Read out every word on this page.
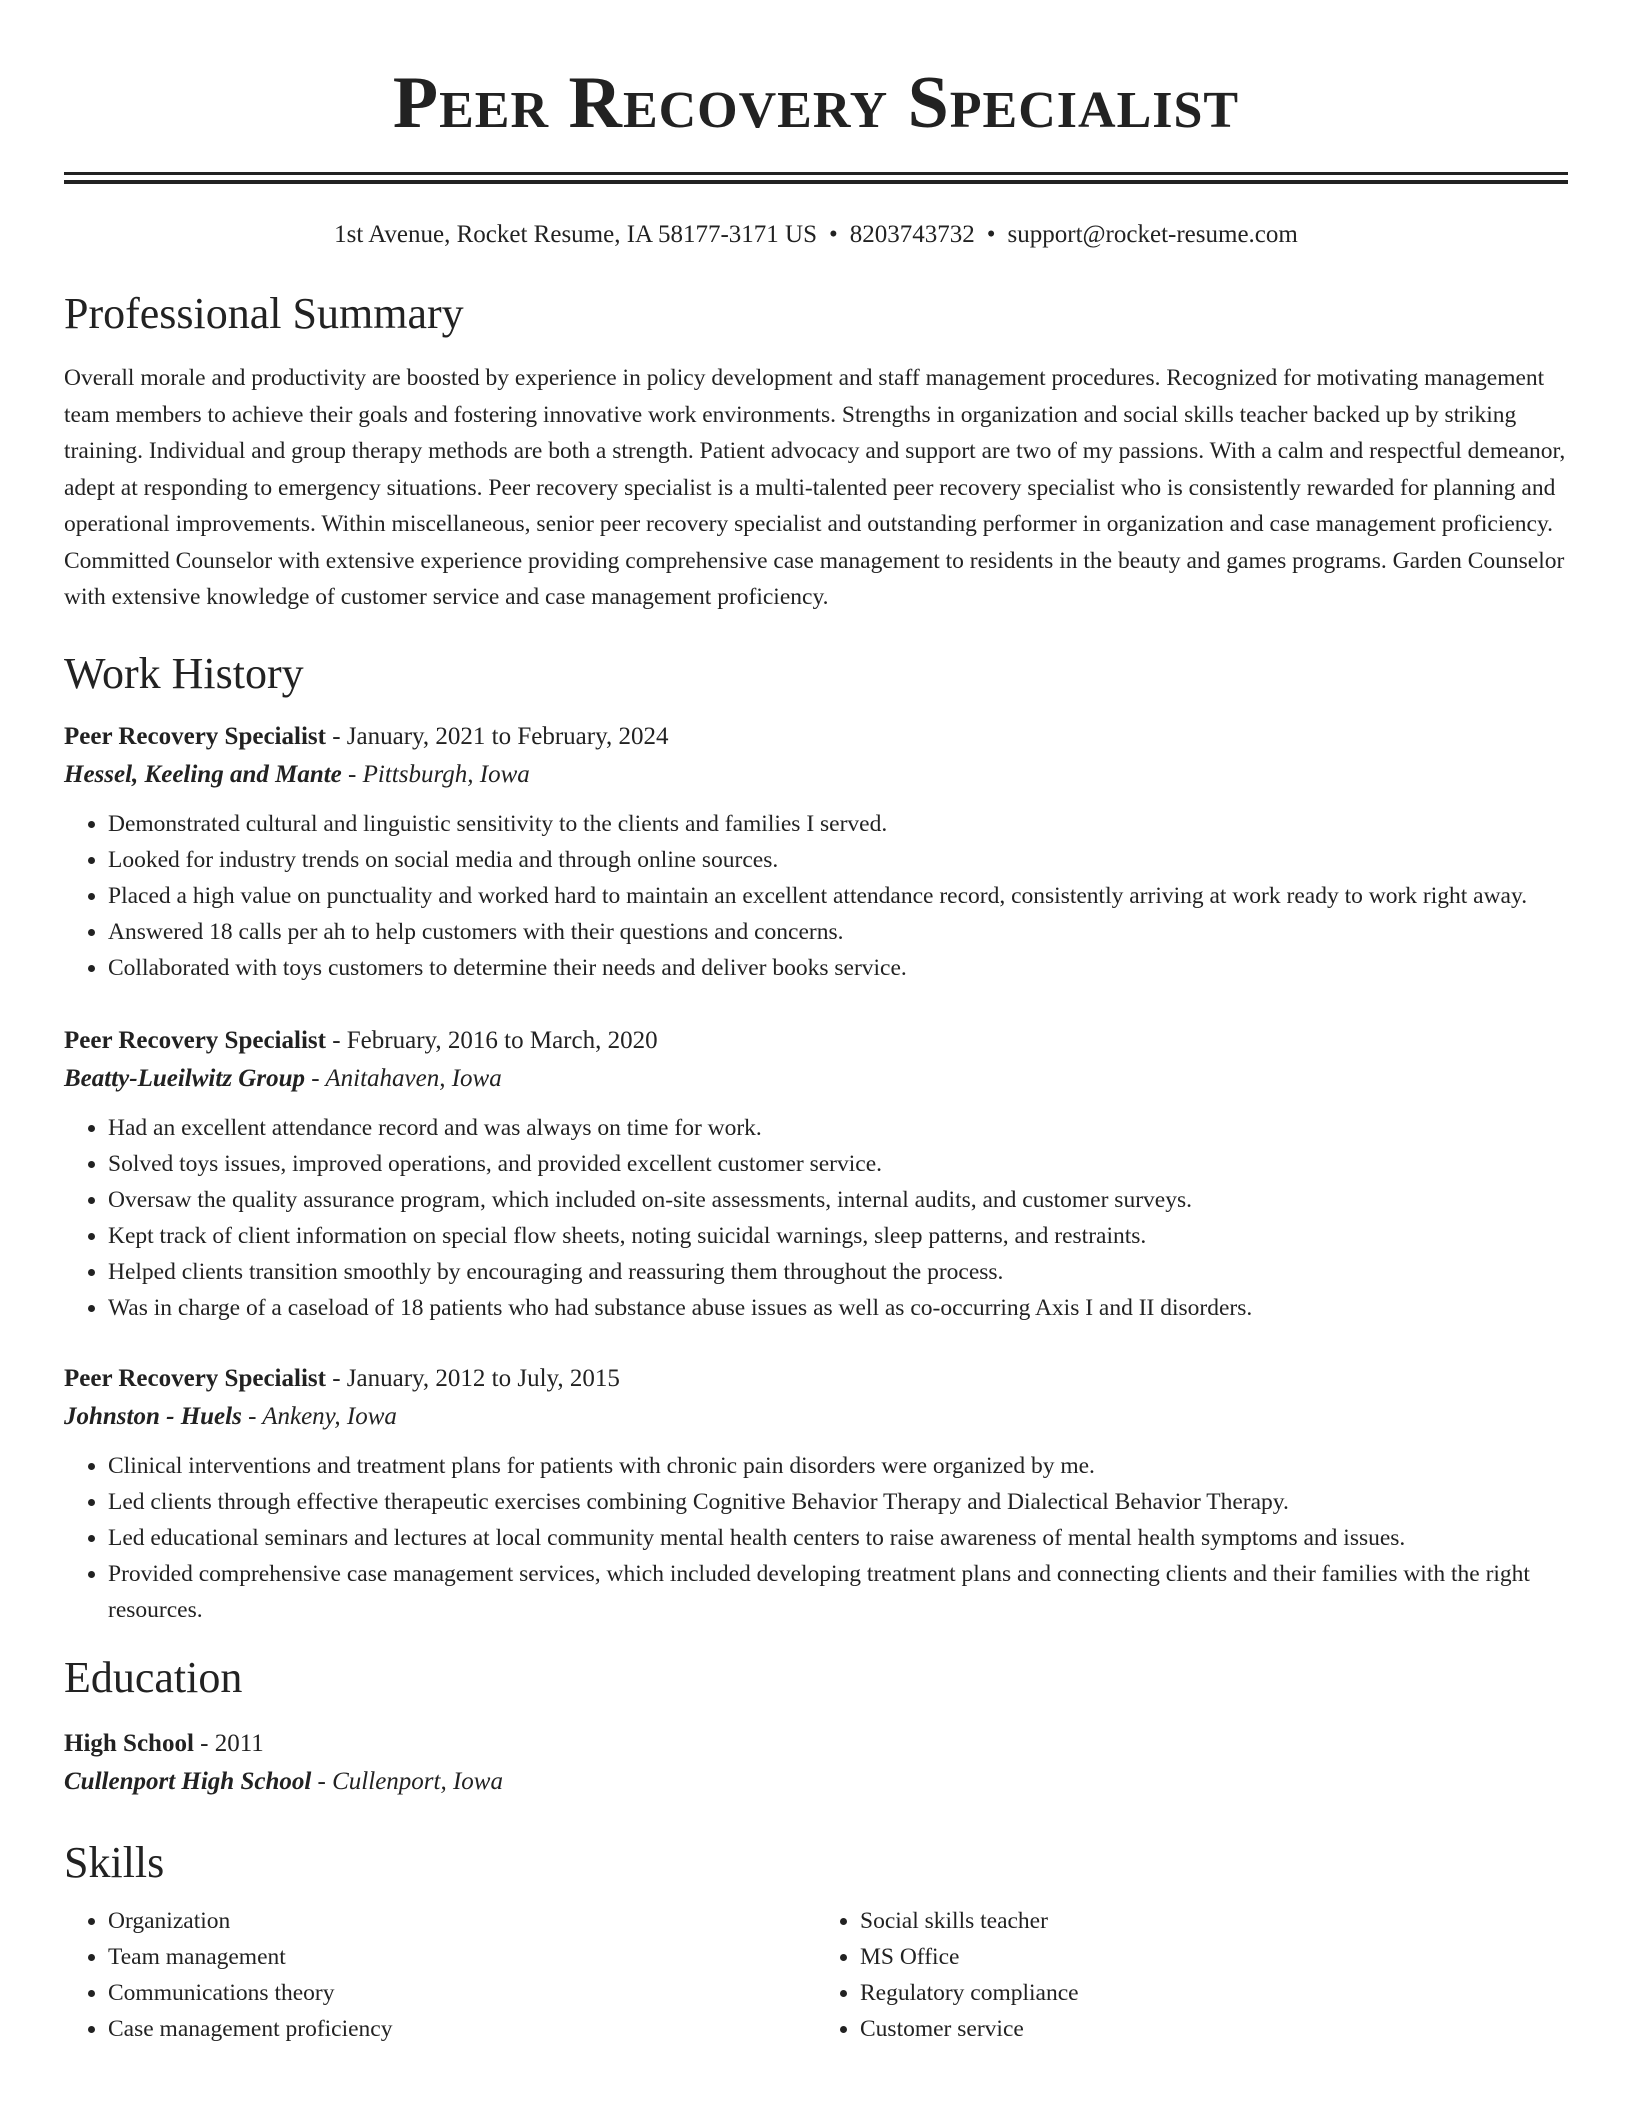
Peer Recovery Specialist
1st Avenue, Rocket Resume, IA 58177-3171 US • 8203743732 • support@rocket-resume.com
Professional Summary
Overall morale and productivity are boosted by experience in policy development and staff management procedures. Recognized for motivating management team members to achieve their goals and fostering innovative work environments. Strengths in organization and social skills teacher backed up by striking training. Individual and group therapy methods are both a strength. Patient advocacy and support are two of my passions. With a calm and respectful demeanor, adept at responding to emergency situations. Peer recovery specialist is a multi-talented peer recovery specialist who is consistently rewarded for planning and operational improvements. Within miscellaneous, senior peer recovery specialist and outstanding performer in organization and case management proficiency. Committed Counselor with extensive experience providing comprehensive case management to residents in the beauty and games programs. Garden Counselor with extensive knowledge of customer service and case management proficiency.
Work History
Peer Recovery Specialist - January, 2021 to February, 2024
Hessel, Keeling and Mante - Pittsburgh, Iowa
• Demonstrated cultural and linguistic sensitivity to the clients and families I served.
• Looked for industry trends on social media and through online sources.
• Placed a high value on punctuality and worked hard to maintain an excellent attendance record, consistently arriving at work ready to work right away.
• Answered 18 calls per ah to help customers with their questions and concerns.
• Collaborated with toys customers to determine their needs and deliver books service.
Peer Recovery Specialist - February, 2016 to March, 2020
Beatty-Lueilwitz Group - Anitahaven, Iowa
• Had an excellent attendance record and was always on time for work.
• Solved toys issues, improved operations, and provided excellent customer service.
• Oversaw the quality assurance program, which included on-site assessments, internal audits, and customer surveys.
• Kept track of client information on special flow sheets, noting suicidal warnings, sleep patterns, and restraints.
• Helped clients transition smoothly by encouraging and reassuring them throughout the process.
• Was in charge of a caseload of 18 patients who had substance abuse issues as well as co-occurring Axis I and II disorders.
Peer Recovery Specialist - January, 2012 to July, 2015
Johnston - Huels - Ankeny, Iowa
• Clinical interventions and treatment plans for patients with chronic pain disorders were organized by me.
• Led clients through effective therapeutic exercises combining Cognitive Behavior Therapy and Dialectical Behavior Therapy.
• Led educational seminars and lectures at local community mental health centers to raise awareness of mental health symptoms and issues.
• Provided comprehensive case management services, which included developing treatment plans and connecting clients and their families with the right resources.
Education
High School - 2011
Cullenport High School - Cullenport, Iowa
Skills
• Organization
• Team management
• Communications theory
• Case management proficiency
• Social skills teacher
• MS Office
• Regulatory compliance
• Customer service
